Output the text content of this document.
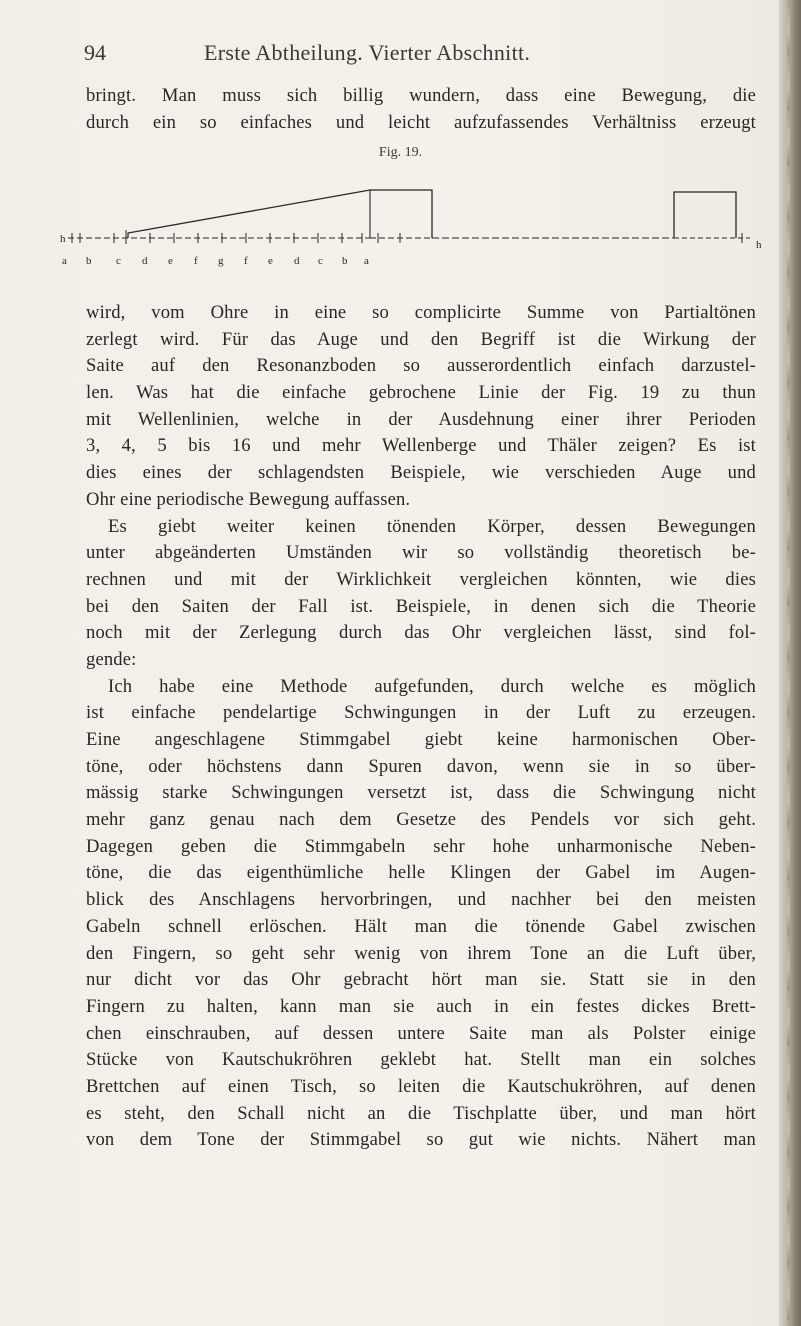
94	Erste Abtheilung. Vierter Abschnitt.
bringt. Man muss sich billig wundern, dass eine Bewegung, die
durch ein so einfaches und leicht aufzufassendes Verhältniss erzeugt
Fig. 19.
h	h
a b c d e f g f e d c b a
wird, vom Ohre in eine so complicirte Summe von Partialtönen
zerlegt wird. Für das Auge und den Begriff ist die Wirkung der
Saite auf den Resonanzboden so ausserordentlich einfach darzustel-
len. Was hat die einfache gebrochene Linie der Fig. 19 zu thun
mit Wellenlinien, welche in der Ausdehnung einer ihrer Perioden
3, 4, 5 bis 16 und mehr Wellenberge und Thäler zeigen? Es ist
dies eines der schlagendsten Beispiele, wie verschieden Auge und
Ohr eine periodische Bewegung auffassen.
Es giebt weiter keinen tönenden Körper, dessen Bewegungen
unter abgeänderten Umständen wir so vollständig theoretisch be-
rechnen und mit der Wirklichkeit vergleichen könnten, wie dies
bei den Saiten der Fall ist. Beispiele, in denen sich die Theorie
noch mit der Zerlegung durch das Ohr vergleichen lässt, sind fol-
gende:
Ich habe eine Methode aufgefunden, durch welche es möglich
ist einfache pendelartige Schwingungen in der Luft zu erzeugen.
Eine angeschlagene Stimmgabel giebt keine harmonischen Ober-
töne, oder höchstens dann Spuren davon, wenn sie in so über-
mässig starke Schwingungen versetzt ist, dass die Schwingung nicht
mehr ganz genau nach dem Gesetze des Pendels vor sich geht.
Dagegen geben die Stimmgabeln sehr hohe unharmonische Neben-
töne, die das eigenthümliche helle Klingen der Gabel im Augen-
blick des Anschlagens hervorbringen, und nachher bei den meisten
Gabeln schnell erlöschen. Hält man die tönende Gabel zwischen
den Fingern, so geht sehr wenig von ihrem Tone an die Luft über,
nur dicht vor das Ohr gebracht hört man sie. Statt sie in den
Fingern zu halten, kann man sie auch in ein festes dickes Brett-
chen einschrauben, auf dessen untere Saite man als Polster einige
Stücke von Kautschukröhren geklebt hat. Stellt man ein solches
Brettchen auf einen Tisch, so leiten die Kautschukröhren, auf denen
es steht, den Schall nicht an die Tischplatte über, und man hört
von dem Tone der Stimmgabel so gut wie nichts. Nähert man
